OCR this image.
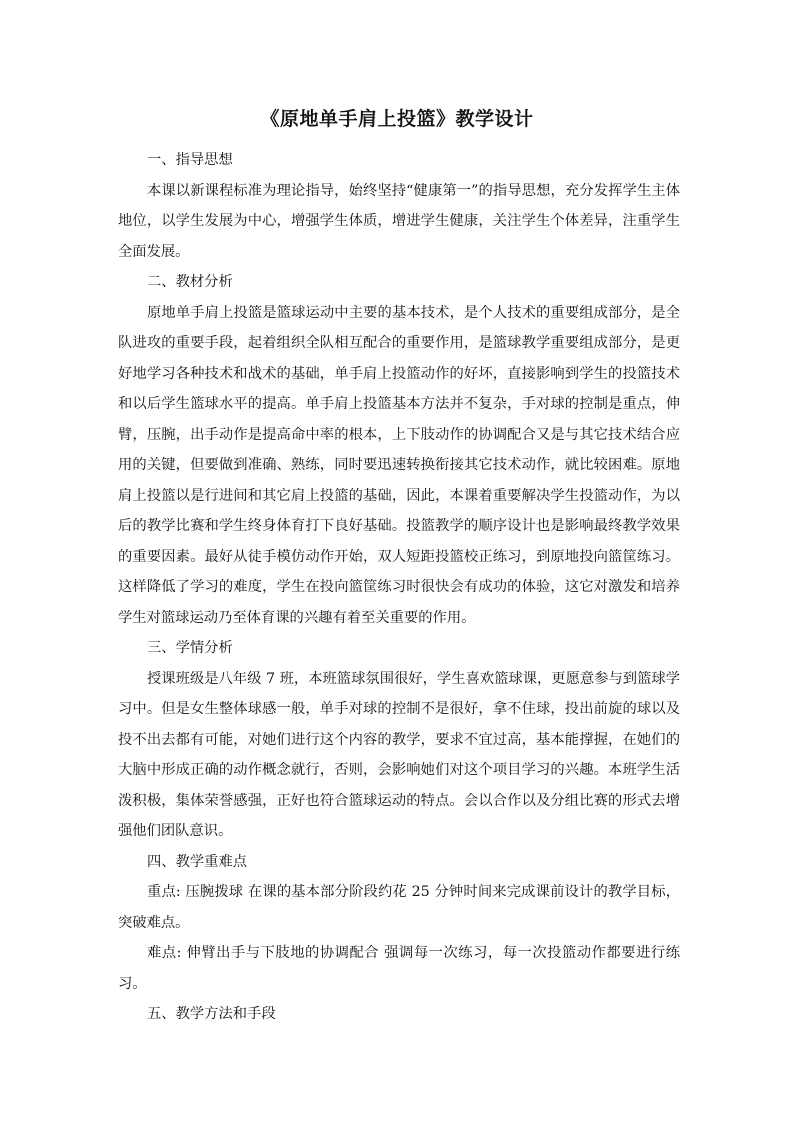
《原地单手肩上投篮》教学设计

一、指导思想

本课以新课程标准为理论指导，始终坚持“健康第一”的指导思想，充分发挥学生主体地位，以学生发展为中心，增强学生体质，增进学生健康，关注学生个体差异，注重学生全面发展。

二、教材分析

原地单手肩上投篮是篮球运动中主要的基本技术，是个人技术的重要组成部分，是全队进攻的重要手段，起着组织全队相互配合的重要作用，是篮球教学重要组成部分，是更好地学习各种技术和战术的基础，单手肩上投篮动作的好坏，直接影响到学生的投篮技术和以后学生篮球水平的提高。单手肩上投篮基本方法并不复杂，手对球的控制是重点，伸臂，压腕，出手动作是提高命中率的根本，上下肢动作的协调配合又是与其它技术结合应用的关键，但要做到准确、熟练，同时要迅速转换衔接其它技术动作，就比较困难。原地肩上投篮以是行进间和其它肩上投篮的基础，因此，本课着重要解决学生投篮动作，为以后的教学比赛和学生终身体育打下良好基础。投篮教学的顺序设计也是影响最终教学效果的重要因素。最好从徒手模仿动作开始，双人短距投篮校正练习，到原地投向篮筐练习。这样降低了学习的难度，学生在投向篮筐练习时很快会有成功的体验，这它对激发和培养学生对篮球运动乃至体育课的兴趣有着至关重要的作用。

三、学情分析

授课班级是八年级 7 班，本班篮球氛围很好，学生喜欢篮球课，更愿意参与到篮球学习中。但是女生整体球感一般，单手对球的控制不是很好，拿不住球，投出前旋的球以及投不出去都有可能，对她们进行这个内容的教学，要求不宜过高，基本能撑握，在她们的大脑中形成正确的动作概念就行，否则，会影响她们对这个项目学习的兴趣。本班学生活泼积极，集体荣誉感强，正好也符合篮球运动的特点。会以合作以及分组比赛的形式去增强他们团队意识。

四、教学重难点

重点: 压腕拨球 在课的基本部分阶段约花 25 分钟时间来完成课前设计的教学目标，突破难点。

难点: 伸臂出手与下肢地的协调配合 强调每一次练习，每一次投篮动作都要进行练习。

五、教学方法和手段
